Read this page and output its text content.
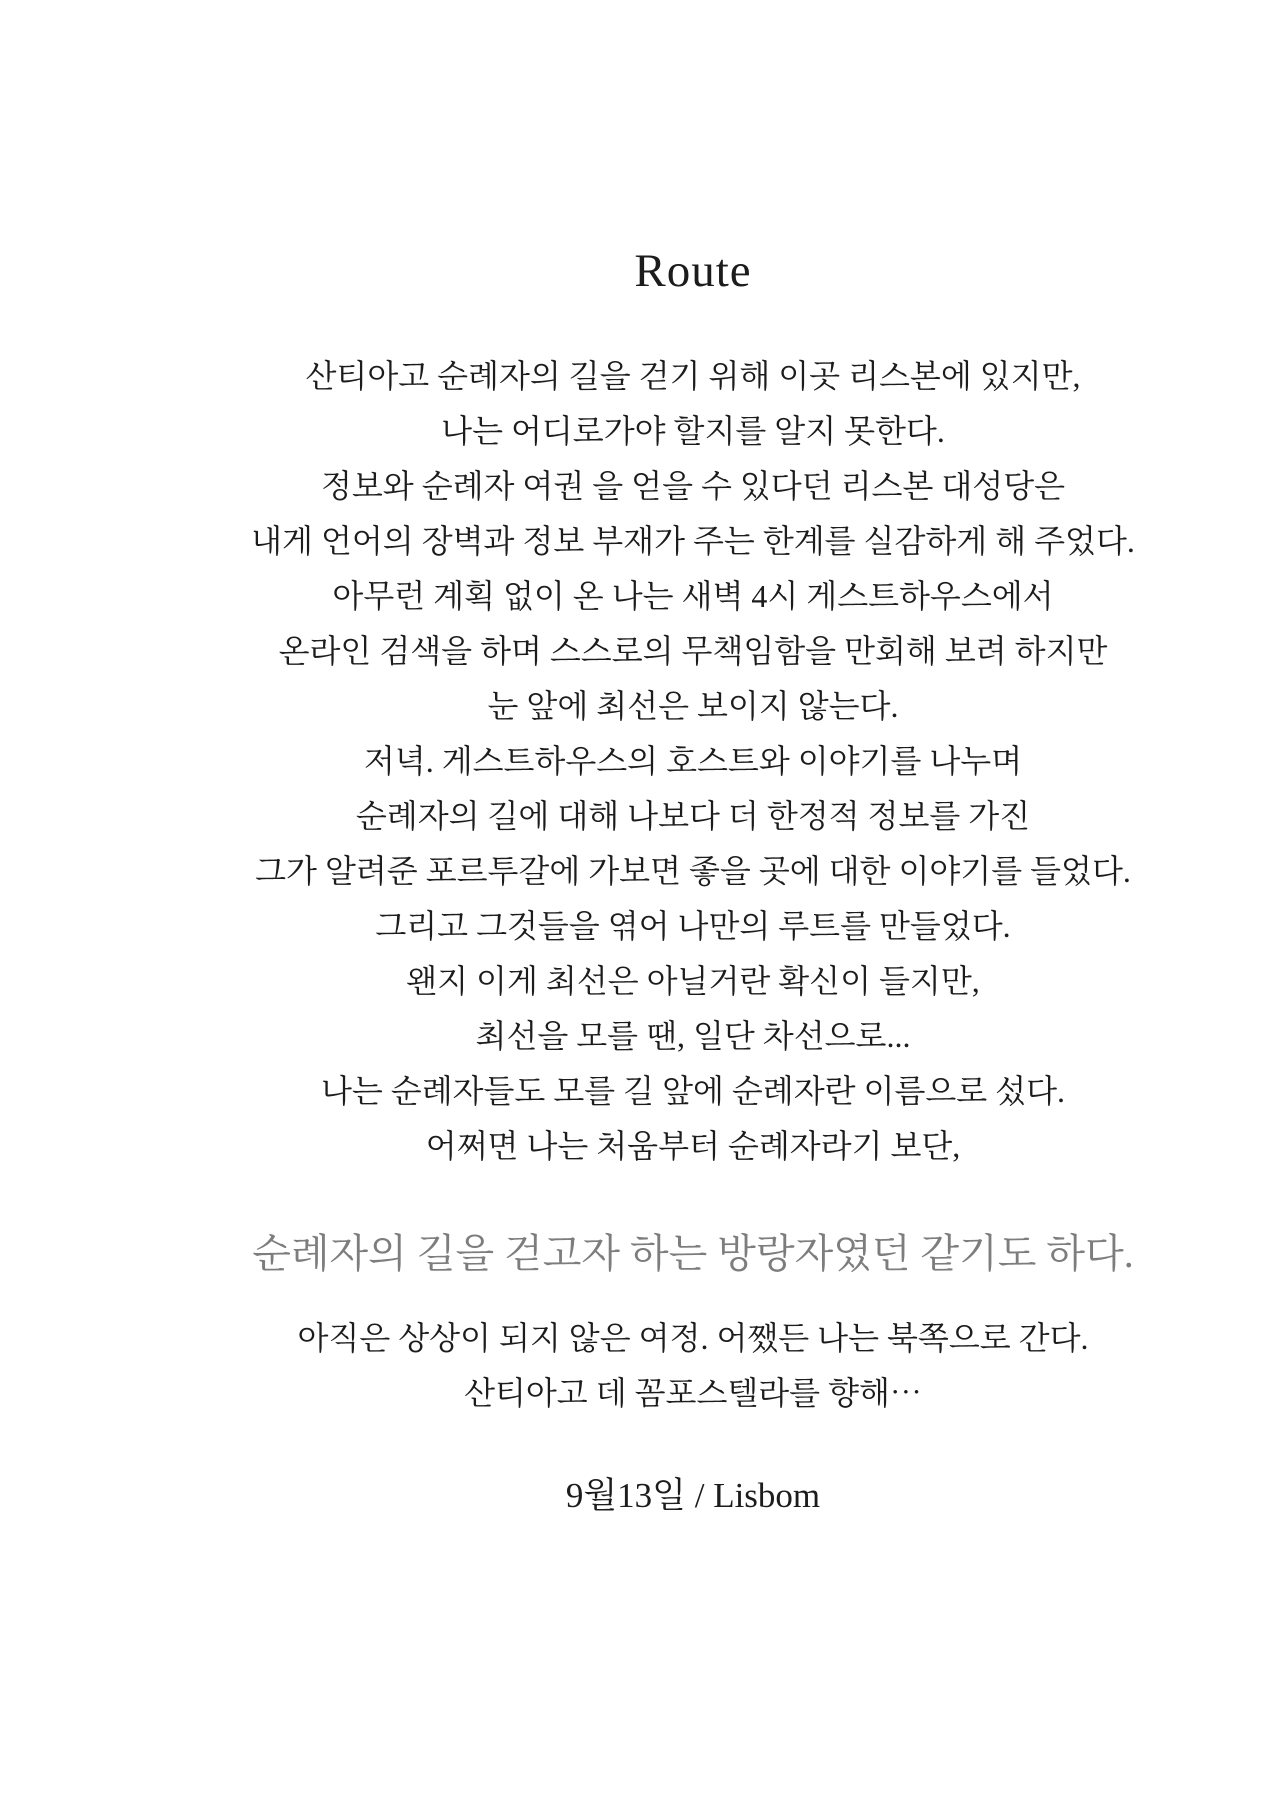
Route
산티아고 순례자의 길을 걷기 위해 이곳 리스본에 있지만,
나는 어디로가야 할지를 알지 못한다.
정보와 순례자 여권 을 얻을 수 있다던 리스본 대성당은
내게 언어의 장벽과 정보 부재가 주는 한계를 실감하게 해 주었다.
아무런 계획 없이 온 나는 새벽 4시 게스트하우스에서
온라인 검색을 하며 스스로의 무책임함을 만회해 보려 하지만
눈 앞에 최선은 보이지 않는다.
저녁. 게스트하우스의 호스트와 이야기를 나누며
순례자의 길에 대해 나보다 더 한정적 정보를 가진
그가 알려준 포르투갈에 가보면 좋을 곳에 대한 이야기를 들었다.
그리고 그것들을 엮어 나만의 루트를 만들었다.
왠지 이게 최선은 아닐거란 확신이 들지만,
최선을 모를 땐, 일단 차선으로...
나는 순례자들도 모를 길 앞에 순례자란 이름으로 섰다.
어쩌면 나는 처움부터 순례자라기 보단,
순례자의 길을 걷고자 하는 방랑자였던 같기도 하다.
아직은 상상이 되지 않은 여정. 어쨌든 나는 북쪽으로 간다.
산티아고 데 꼼포스텔라를 향해⋯
9월13일 / Lisbom
